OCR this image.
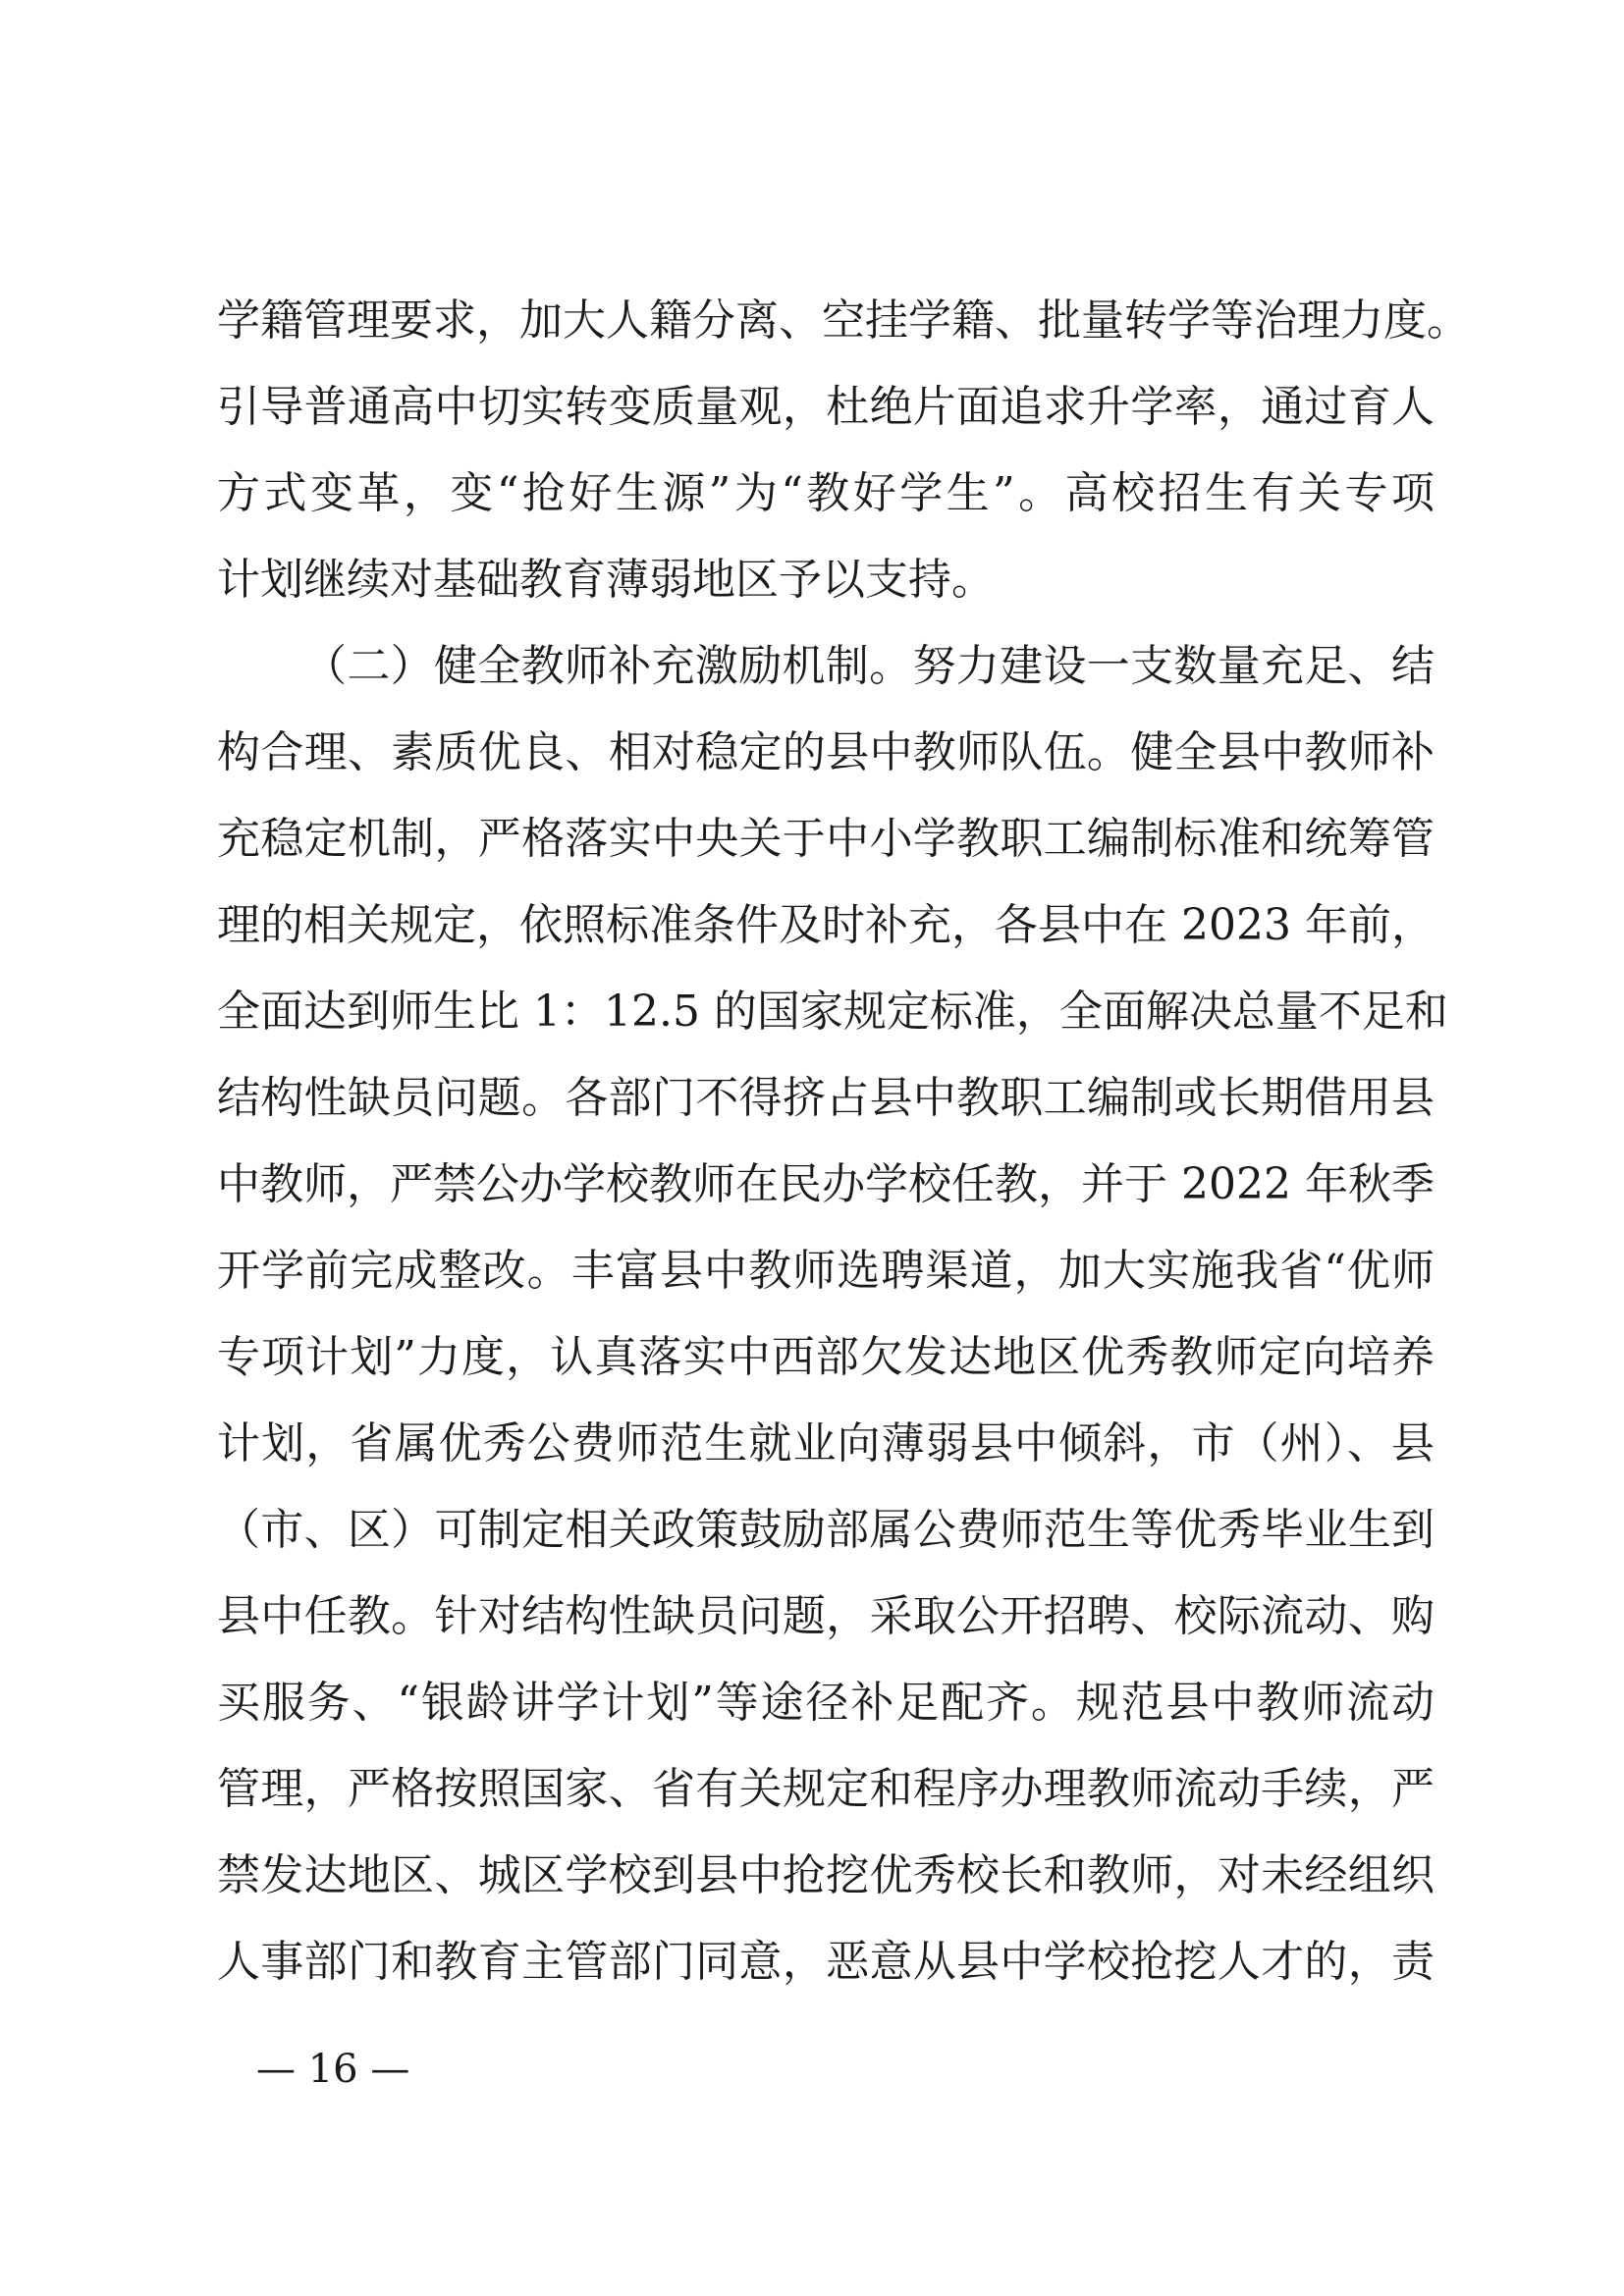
学籍管理要求，加大人籍分离、空挂学籍、批量转学等治理力度。
引导普通高中切实转变质量观，杜绝片面追求升学率，通过育人
方式变革，变“抢好生源”为“教好学生”。高校招生有关专项
计划继续对基础教育薄弱地区予以支持。
（二）健全教师补充激励机制。努力建设一支数量充足、结
构合理、素质优良、相对稳定的县中教师队伍。健全县中教师补
充稳定机制，严格落实中央关于中小学教职工编制标准和统筹管
理的相关规定，依照标准条件及时补充，各县中在 2023 年前，
全面达到师生比 1：12.5 的国家规定标准，全面解决总量不足和
结构性缺员问题。各部门不得挤占县中教职工编制或长期借用县
中教师，严禁公办学校教师在民办学校任教，并于 2022 年秋季
开学前完成整改。丰富县中教师选聘渠道，加大实施我省“优师
专项计划”力度，认真落实中西部欠发达地区优秀教师定向培养
计划，省属优秀公费师范生就业向薄弱县中倾斜，市（州）、县
（市、区）可制定相关政策鼓励部属公费师范生等优秀毕业生到
县中任教。针对结构性缺员问题，采取公开招聘、校际流动、购
买服务、“银龄讲学计划”等途径补足配齐。规范县中教师流动
管理，严格按照国家、省有关规定和程序办理教师流动手续，严
禁发达地区、城区学校到县中抢挖优秀校长和教师，对未经组织
人事部门和教育主管部门同意，恶意从县中学校抢挖人才的，责
— 16 —
